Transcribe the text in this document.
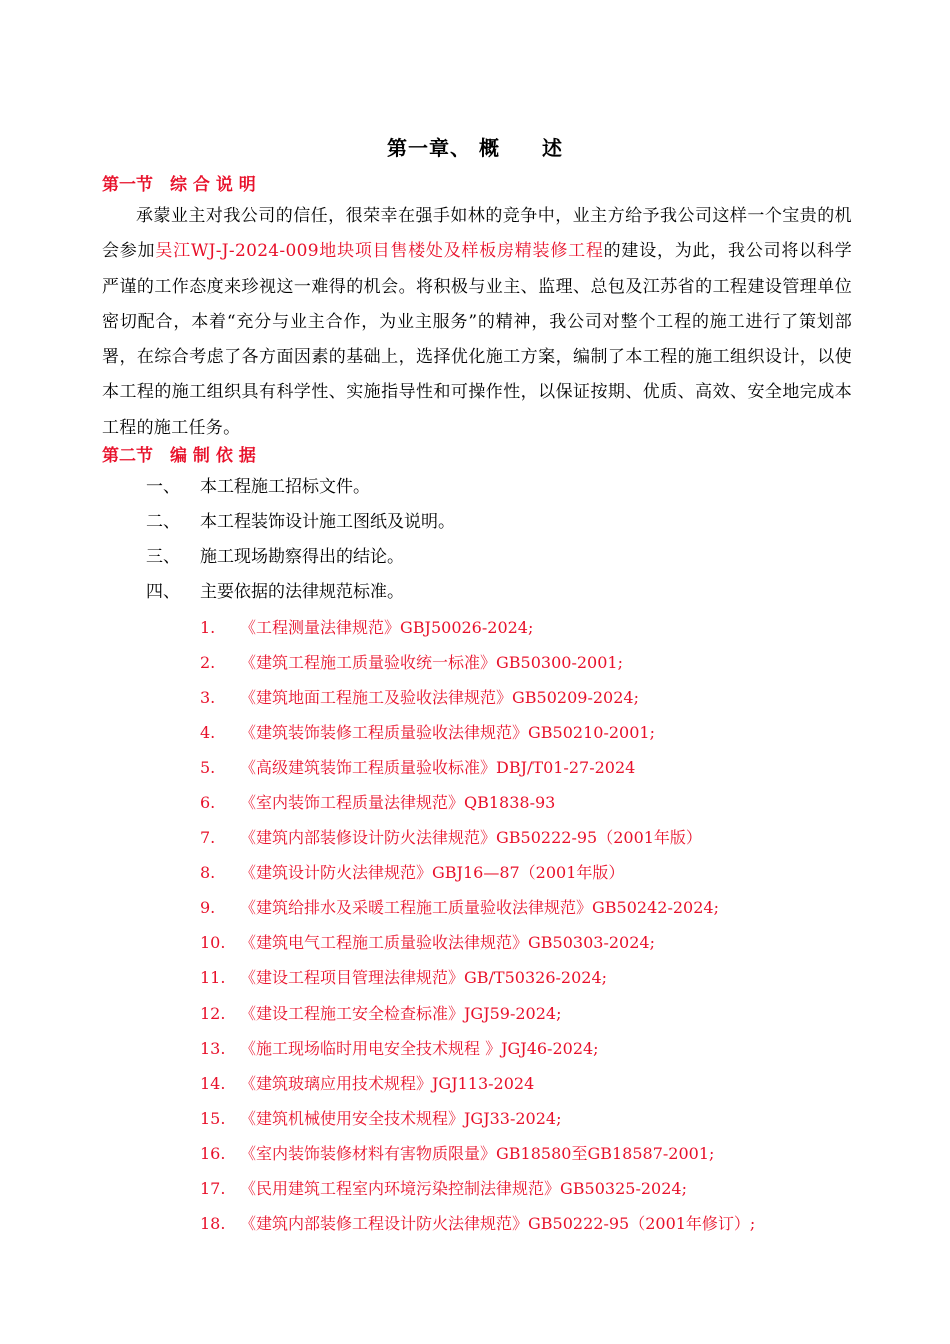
第一章、 概　　述
第一节　综 合 说 明
承蒙业主对我公司的信任，很荣幸在强手如林的竞争中，业主方给予我公司这样一个宝贵的机会参加吴江WJ-J-2024-009地块项目售楼处及样板房精装修工程的建设，为此，我公司将以科学严谨的工作态度来珍视这一难得的机会。将积极与业主、监理、总包及江苏省的工程建设管理单位密切配合，本着“充分与业主合作，为业主服务”的精神，我公司对整个工程的施工进行了策划部署，在综合考虑了各方面因素的基础上，选择优化施工方案，编制了本工程的施工组织设计，以使本工程的施工组织具有科学性、实施指导性和可操作性，以保证按期、优质、高效、安全地完成本工程的施工任务。
第二节　编 制 依 据
一、 本工程施工招标文件。
二、 本工程装饰设计施工图纸及说明。
三、 施工现场勘察得出的结论。
四、 主要依据的法律规范标准。
1. 《工程测量法律规范》GBJ50026-2024;
2. 《建筑工程施工质量验收统一标准》GB50300-2001;
3. 《建筑地面工程施工及验收法律规范》GB50209-2024;
4. 《建筑装饰装修工程质量验收法律规范》GB50210-2001;
5. 《高级建筑装饰工程质量验收标准》DBJ/T01-27-2024
6. 《室内装饰工程质量法律规范》QB1838-93
7. 《建筑内部装修设计防火法律规范》GB50222-95（2001年版）
8. 《建筑设计防火法律规范》GBJ16—87（2001年版）
9. 《建筑给排水及采暖工程施工质量验收法律规范》GB50242-2024;
10. 《建筑电气工程施工质量验收法律规范》GB50303-2024;
11. 《建设工程项目管理法律规范》GB/T50326-2024;
12. 《建设工程施工安全检查标准》JGJ59-2024;
13. 《施工现场临时用电安全技术规程 》JGJ46-2024;
14. 《建筑玻璃应用技术规程》JGJ113-2024
15. 《建筑机械使用安全技术规程》JGJ33-2024;
16. 《室内装饰装修材料有害物质限量》GB18580至GB18587-2001;
17. 《民用建筑工程室内环境污染控制法律规范》GB50325-2024;
18. 《建筑内部装修工程设计防火法律规范》GB50222-95（2001年修订）;
